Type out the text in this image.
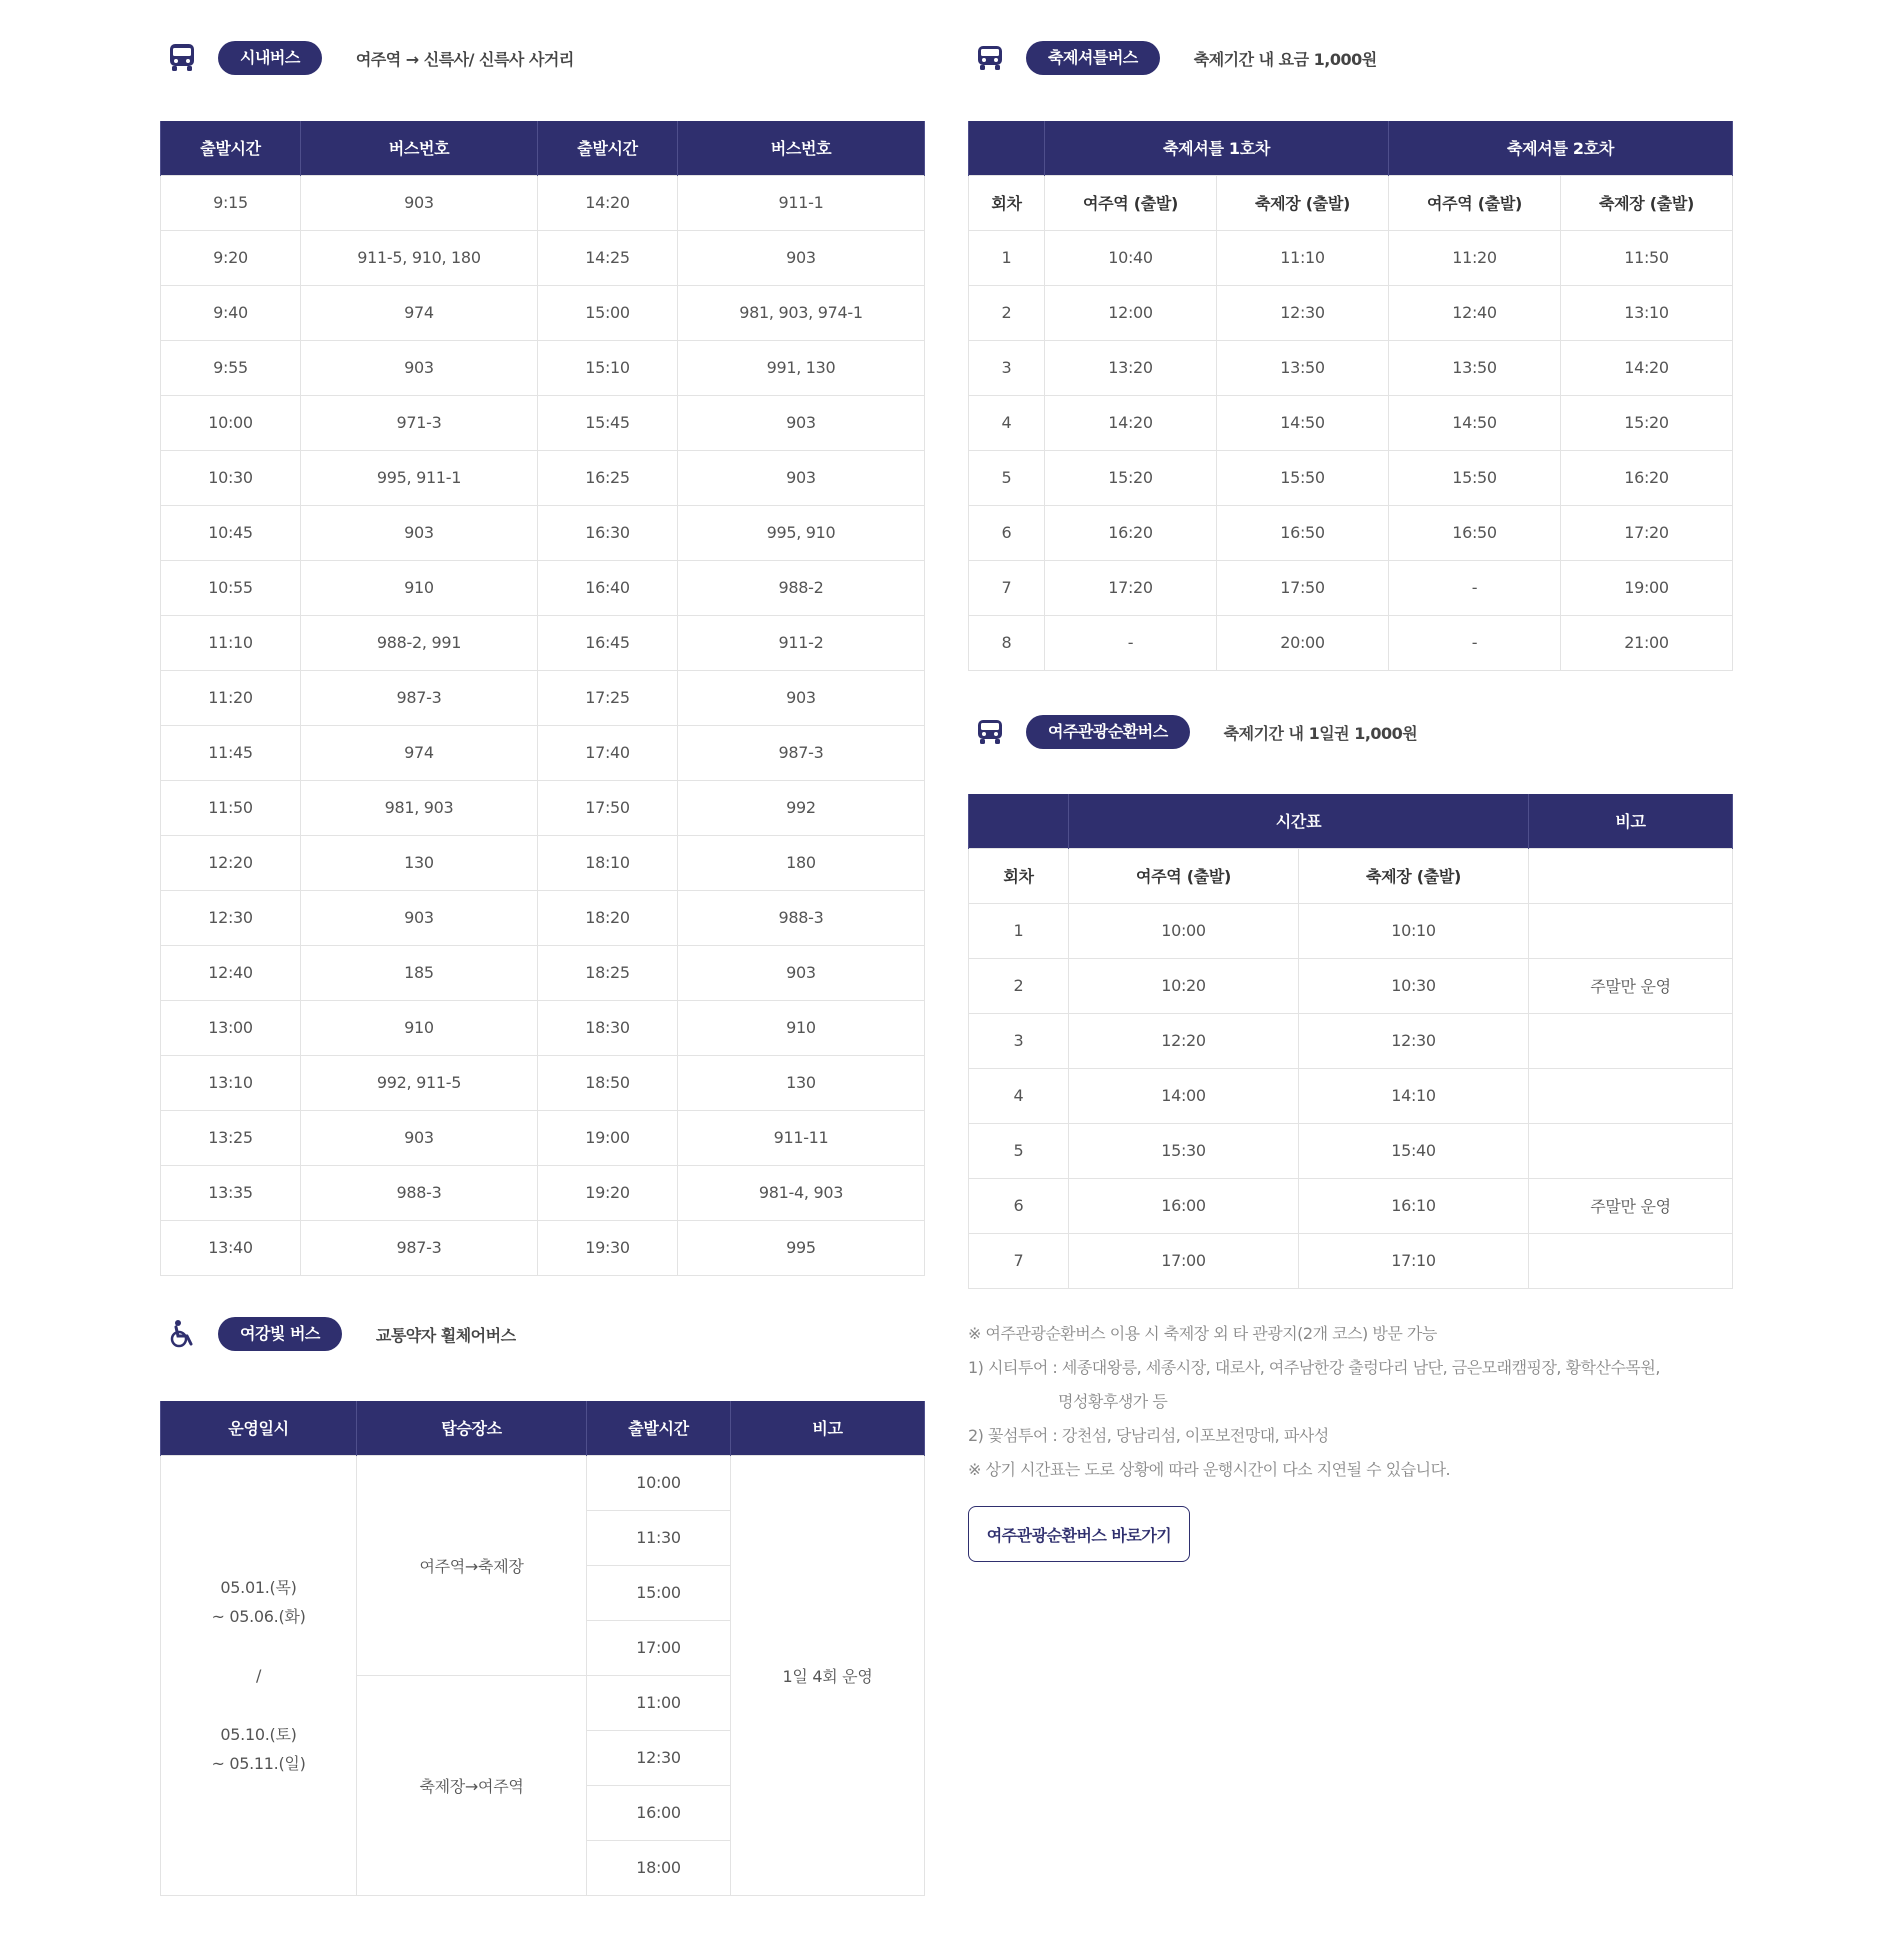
시내버스	여주역 → 신륵사/ 신륵사 사거리	축제셔틀버스	축제기간 내 요금 1,000원
출발시간	버스번호	출발시간	버스번호
9:15	903	14:20	911-1
9:20	911-5, 910, 180	14:25	903
9:40	974	15:00	981, 903, 974-1
9:55	903	15:10	991, 130
10:00	971-3	15:45	903
10:30	995, 911-1	16:25	903
10:45	903	16:30	995, 910
10:55	910	16:40	988-2
11:10	988-2, 991	16:45	911-2
11:20	987-3	17:25	903
11:45	974	17:40	987-3
11:50	981, 903	17:50	992
12:20	130	18:10	180
12:30	903	18:20	988-3
12:40	185	18:25	903
13:00	910	18:30	910
13:10	992, 911-5	18:50	130
13:25	903	19:00	911-11
13:35	988-3	19:20	981-4, 903
13:40	987-3	19:30	995
	축제셔틀 1호차		축제셔틀 2호차	
회차	여주역 (출발)	축제장 (출발)	여주역 (출발)	축제장 (출발)
1	10:40	11:10	11:20	11:50
2	12:00	12:30	12:40	13:10
3	13:20	13:50	13:50	14:20
4	14:20	14:50	14:50	15:20
5	15:20	15:50	15:50	16:20
6	16:20	16:50	16:50	17:20
7	17:20	17:50	-	19:00
8	-	20:00	-	21:00
여주관광순환버스	축제기간 내 1일권 1,000원
	시간표		비고
회차	여주역 (출발)	축제장 (출발)	
1	10:00	10:10	
2	10:20	10:30	주말만 운영
3	12:20	12:30	
4	14:00	14:10	
5	15:30	15:40	
6	16:00	16:10	주말만 운영
7	17:00	17:10	
※ 여주관광순환버스 이용 시 축제장 외 타 관광지(2개 코스) 방문 가능
1) 시티투어 : 세종대왕릉, 세종시장, 대로사, 여주남한강 출렁다리 남단, 금은모래캠핑장, 황학산수목원,
명성황후생가 등
2) 꽃섬투어 : 강천섬, 당남리섬, 이포보전망대, 파사성
※ 상기 시간표는 도로 상황에 따라 운행시간이 다소 지연될 수 있습니다.
여주관광순환버스 바로가기
여강빛 버스	교통약자 휠체어버스
운영일시	탑승장소	출발시간	비고

05.01.(목)
~ 05.06.(화)
/
05.10.(토)
~ 05.11.(일)	여주역→축제장	10:00	1일 4회 운영
		11:30	
		15:00	
		17:00	
	축제장→여주역	11:00	
		12:30	
		16:00	
		18:00	
